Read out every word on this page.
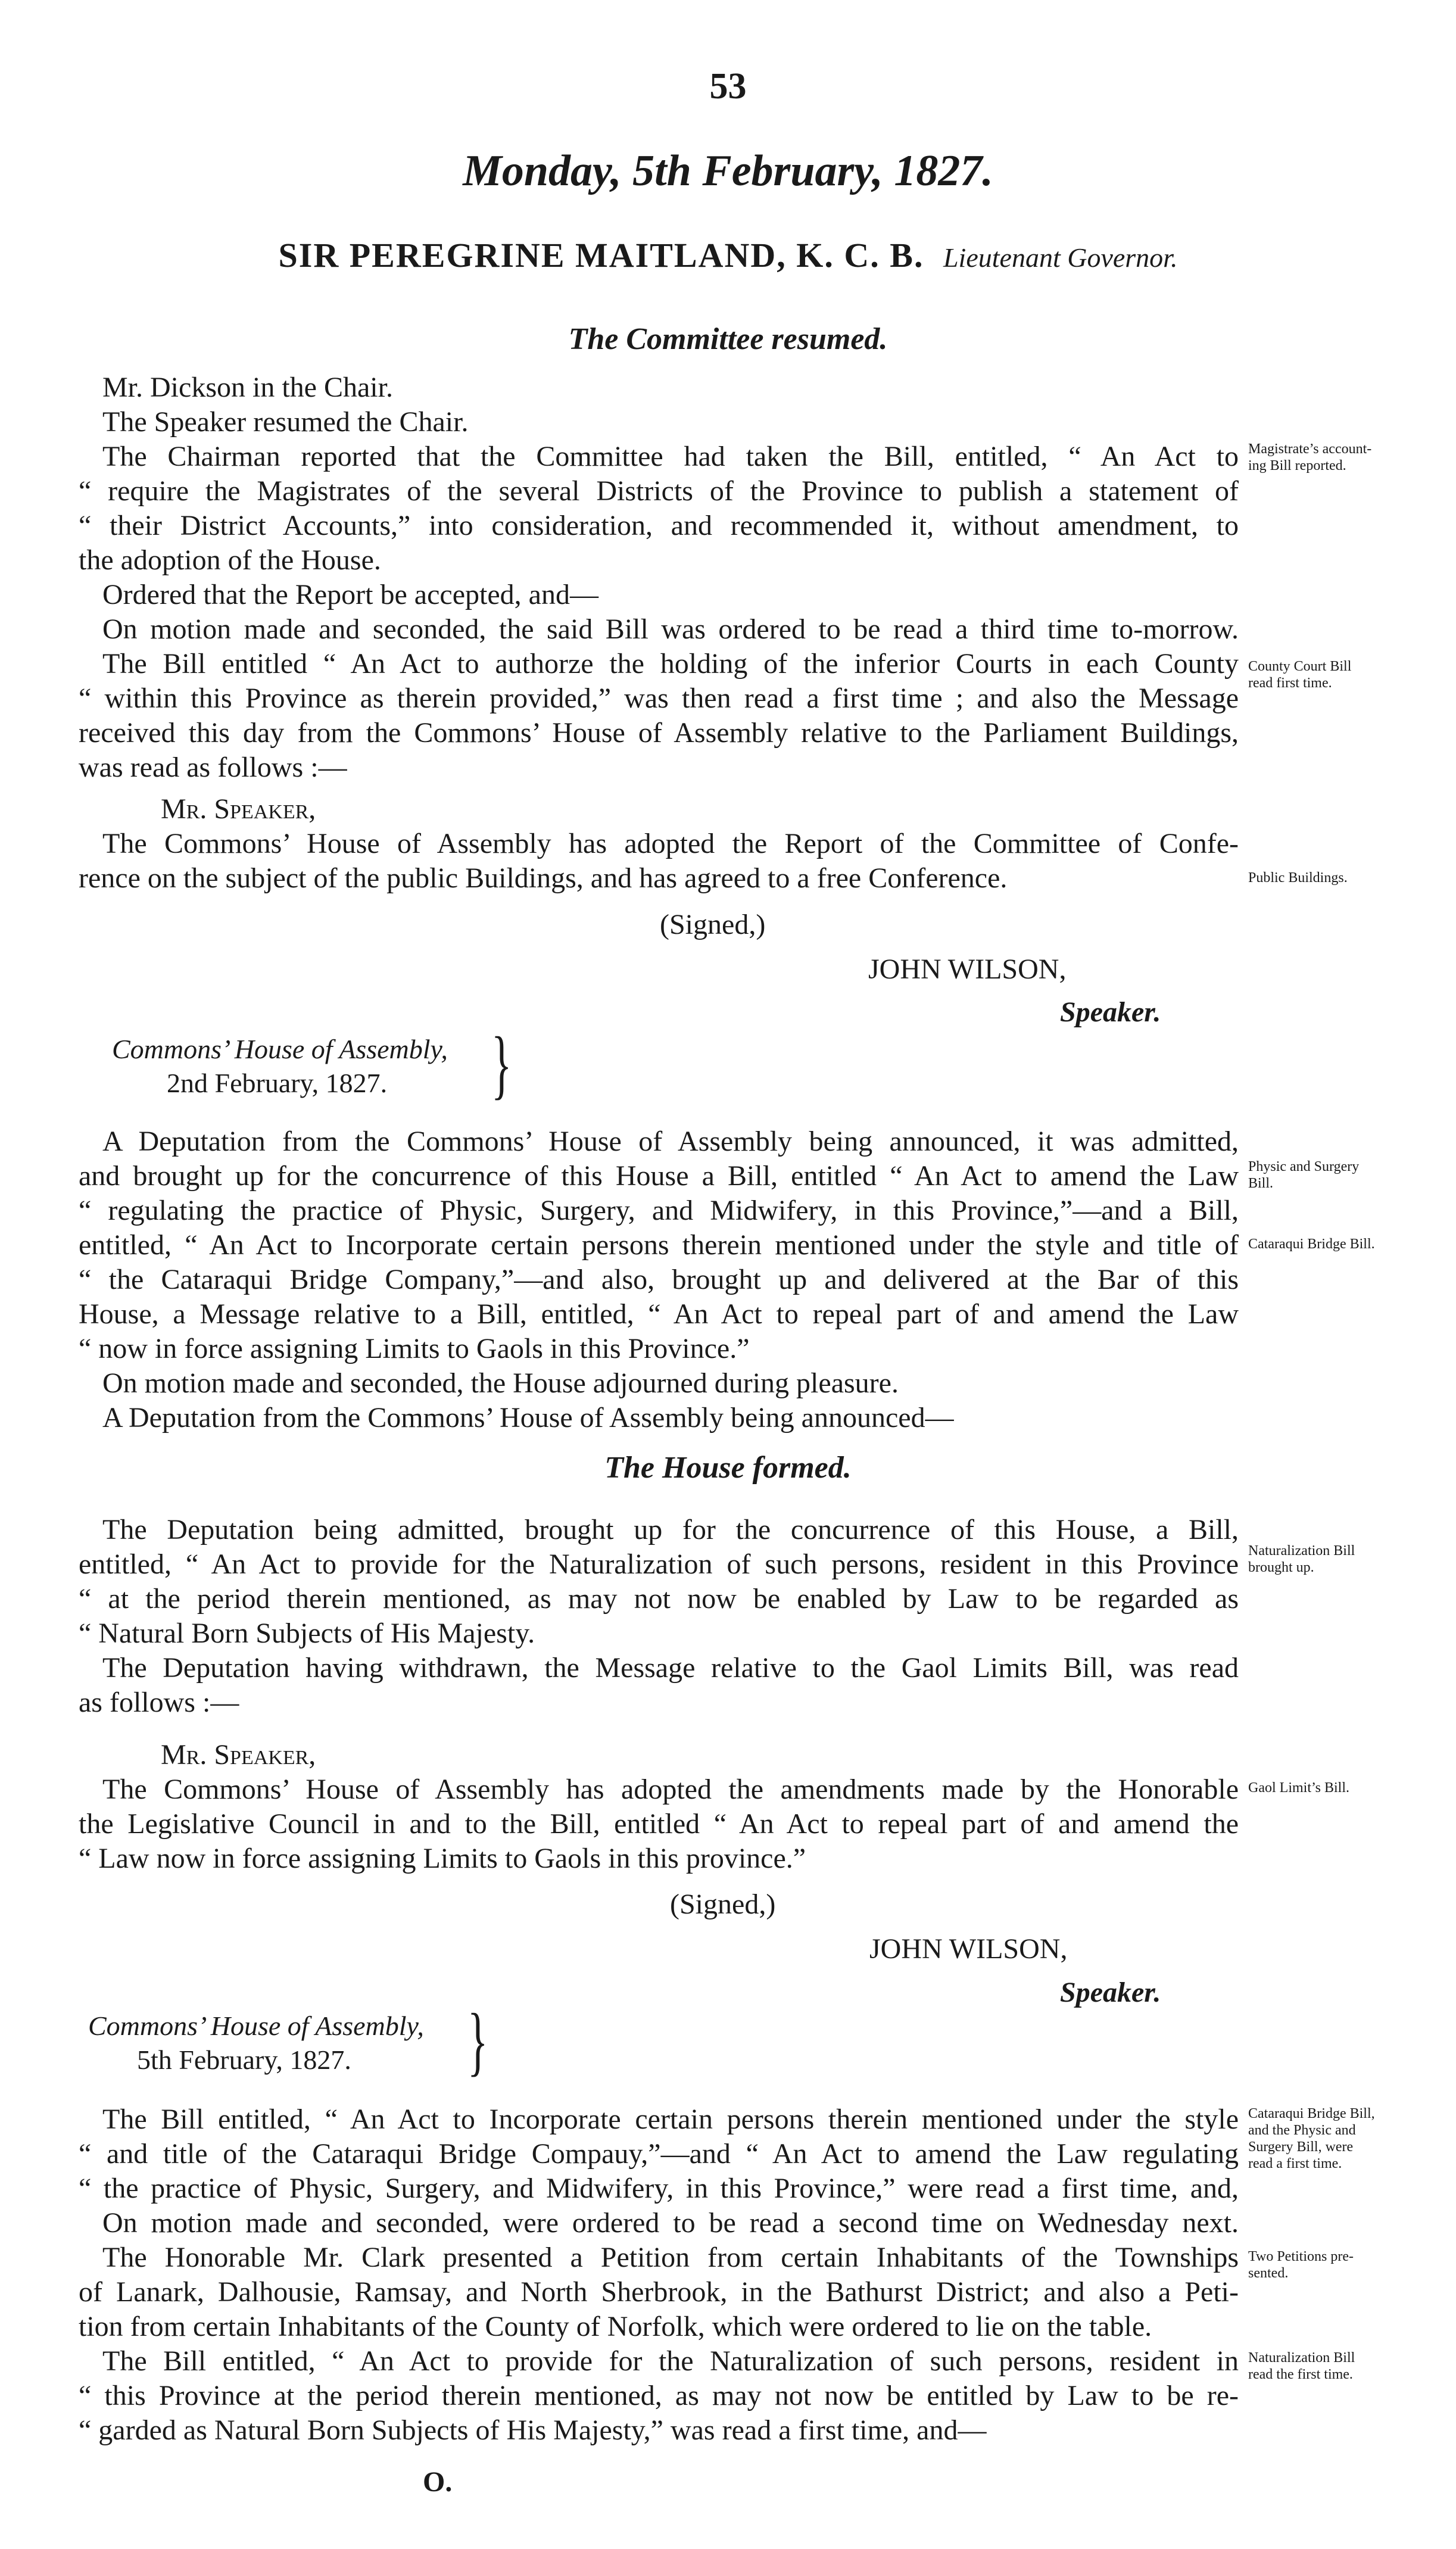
53
Monday, 5th February, 1827.
SIR PEREGRINE MAITLAND, K. C. B. Lieutenant Governor.
The Committee resumed.
Mr. Dickson in the Chair.
The Speaker resumed the Chair.
The Chairman reported that the Committee had taken the Bill, entitled, “ An Act to
“ require the Magistrates of the several Districts of the Province to publish a statement of
“ their District Accounts,” into consideration, and recommended it, without amendment, to
the adoption of the House.
Ordered that the Report be accepted, and—
On motion made and seconded, the said Bill was ordered to be read a third time to-morrow.
The Bill entitled “ An Act to authorze the holding of the inferior Courts in each County
“ within this Province as therein provided,” was then read a first time ; and also the Message
received this day from the Commons’ House of Assembly relative to the Parliament Buildings,
was read as follows :—
Mr. Speaker,
The Commons’ House of Assembly has adopted the Report of the Committee of Confe-
rence on the subject of the public Buildings, and has agreed to a free Conference.
(Signed,)
JOHN WILSON,
Speaker.
Commons’ House of Assembly,
2nd February, 1827. }
A Deputation from the Commons’ House of Assembly being announced, it was admitted,
and brought up for the concurrence of this House a Bill, entitled “ An Act to amend the Law
“ regulating the practice of Physic, Surgery, and Midwifery, in this Province,”—and a Bill,
entitled, “ An Act to Incorporate certain persons therein mentioned under the style and title of
“ the Cataraqui Bridge Company,”—and also, brought up and delivered at the Bar of this
House, a Message relative to a Bill, entitled, “ An Act to repeal part of and amend the Law
“ now in force assigning Limits to Gaols in this Province.”
On motion made and seconded, the House adjourned during pleasure.
A Deputation from the Commons’ House of Assembly being announced—
The House formed.
The Deputation being admitted, brought up for the concurrence of this House, a Bill,
entitled, “ An Act to provide for the Naturalization of such persons, resident in this Province
“ at the period therein mentioned, as may not now be enabled by Law to be regarded as
“ Natural Born Subjects of His Majesty.
The Deputation having withdrawn, the Message relative to the Gaol Limits Bill, was read
as follows :—
Mr. Speaker,
The Commons’ House of Assembly has adopted the amendments made by the Honorable
the Legislative Council in and to the Bill, entitled “ An Act to repeal part of and amend the
“ Law now in force assigning Limits to Gaols in this province.”
(Signed,)
JOHN WILSON,
Speaker.
Commons’ House of Assembly,
5th February, 1827. }
The Bill entitled, “ An Act to Incorporate certain persons therein mentioned under the style
“ and title of the Cataraqui Bridge Compauy,”—and “ An Act to amend the Law regulating
“ the practice of Physic, Surgery, and Midwifery, in this Province,” were read a first time, and,
On motion made and seconded, were ordered to be read a second time on Wednesday next.
The Honorable Mr. Clark presented a Petition from certain Inhabitants of the Townships
of Lanark, Dalhousie, Ramsay, and North Sherbrook, in the Bathurst District; and also a Peti-
tion from certain Inhabitants of the County of Norfolk, which were ordered to lie on the table.
The Bill entitled, “ An Act to provide for the Naturalization of such persons, resident in
“ this Province at the period therein mentioned, as may not now be entitled by Law to be re-
“ garded as Natural Born Subjects of His Majesty,” was read a first time, and—
O.
Magistrate’s account-
ing Bill reported.
County Court Bill
read first time.
Public Buildings.
Physic and Surgery
Bill.
Cataraqui Bridge Bill.
Naturalization Bill
brought up.
Gaol Limit’s Bill.
Cataraqui Bridge Bill,
and the Physic and
Surgery Bill, were
read a first time.
Two Petitions pre-
sented.
Naturalization Bill
read the first time.
